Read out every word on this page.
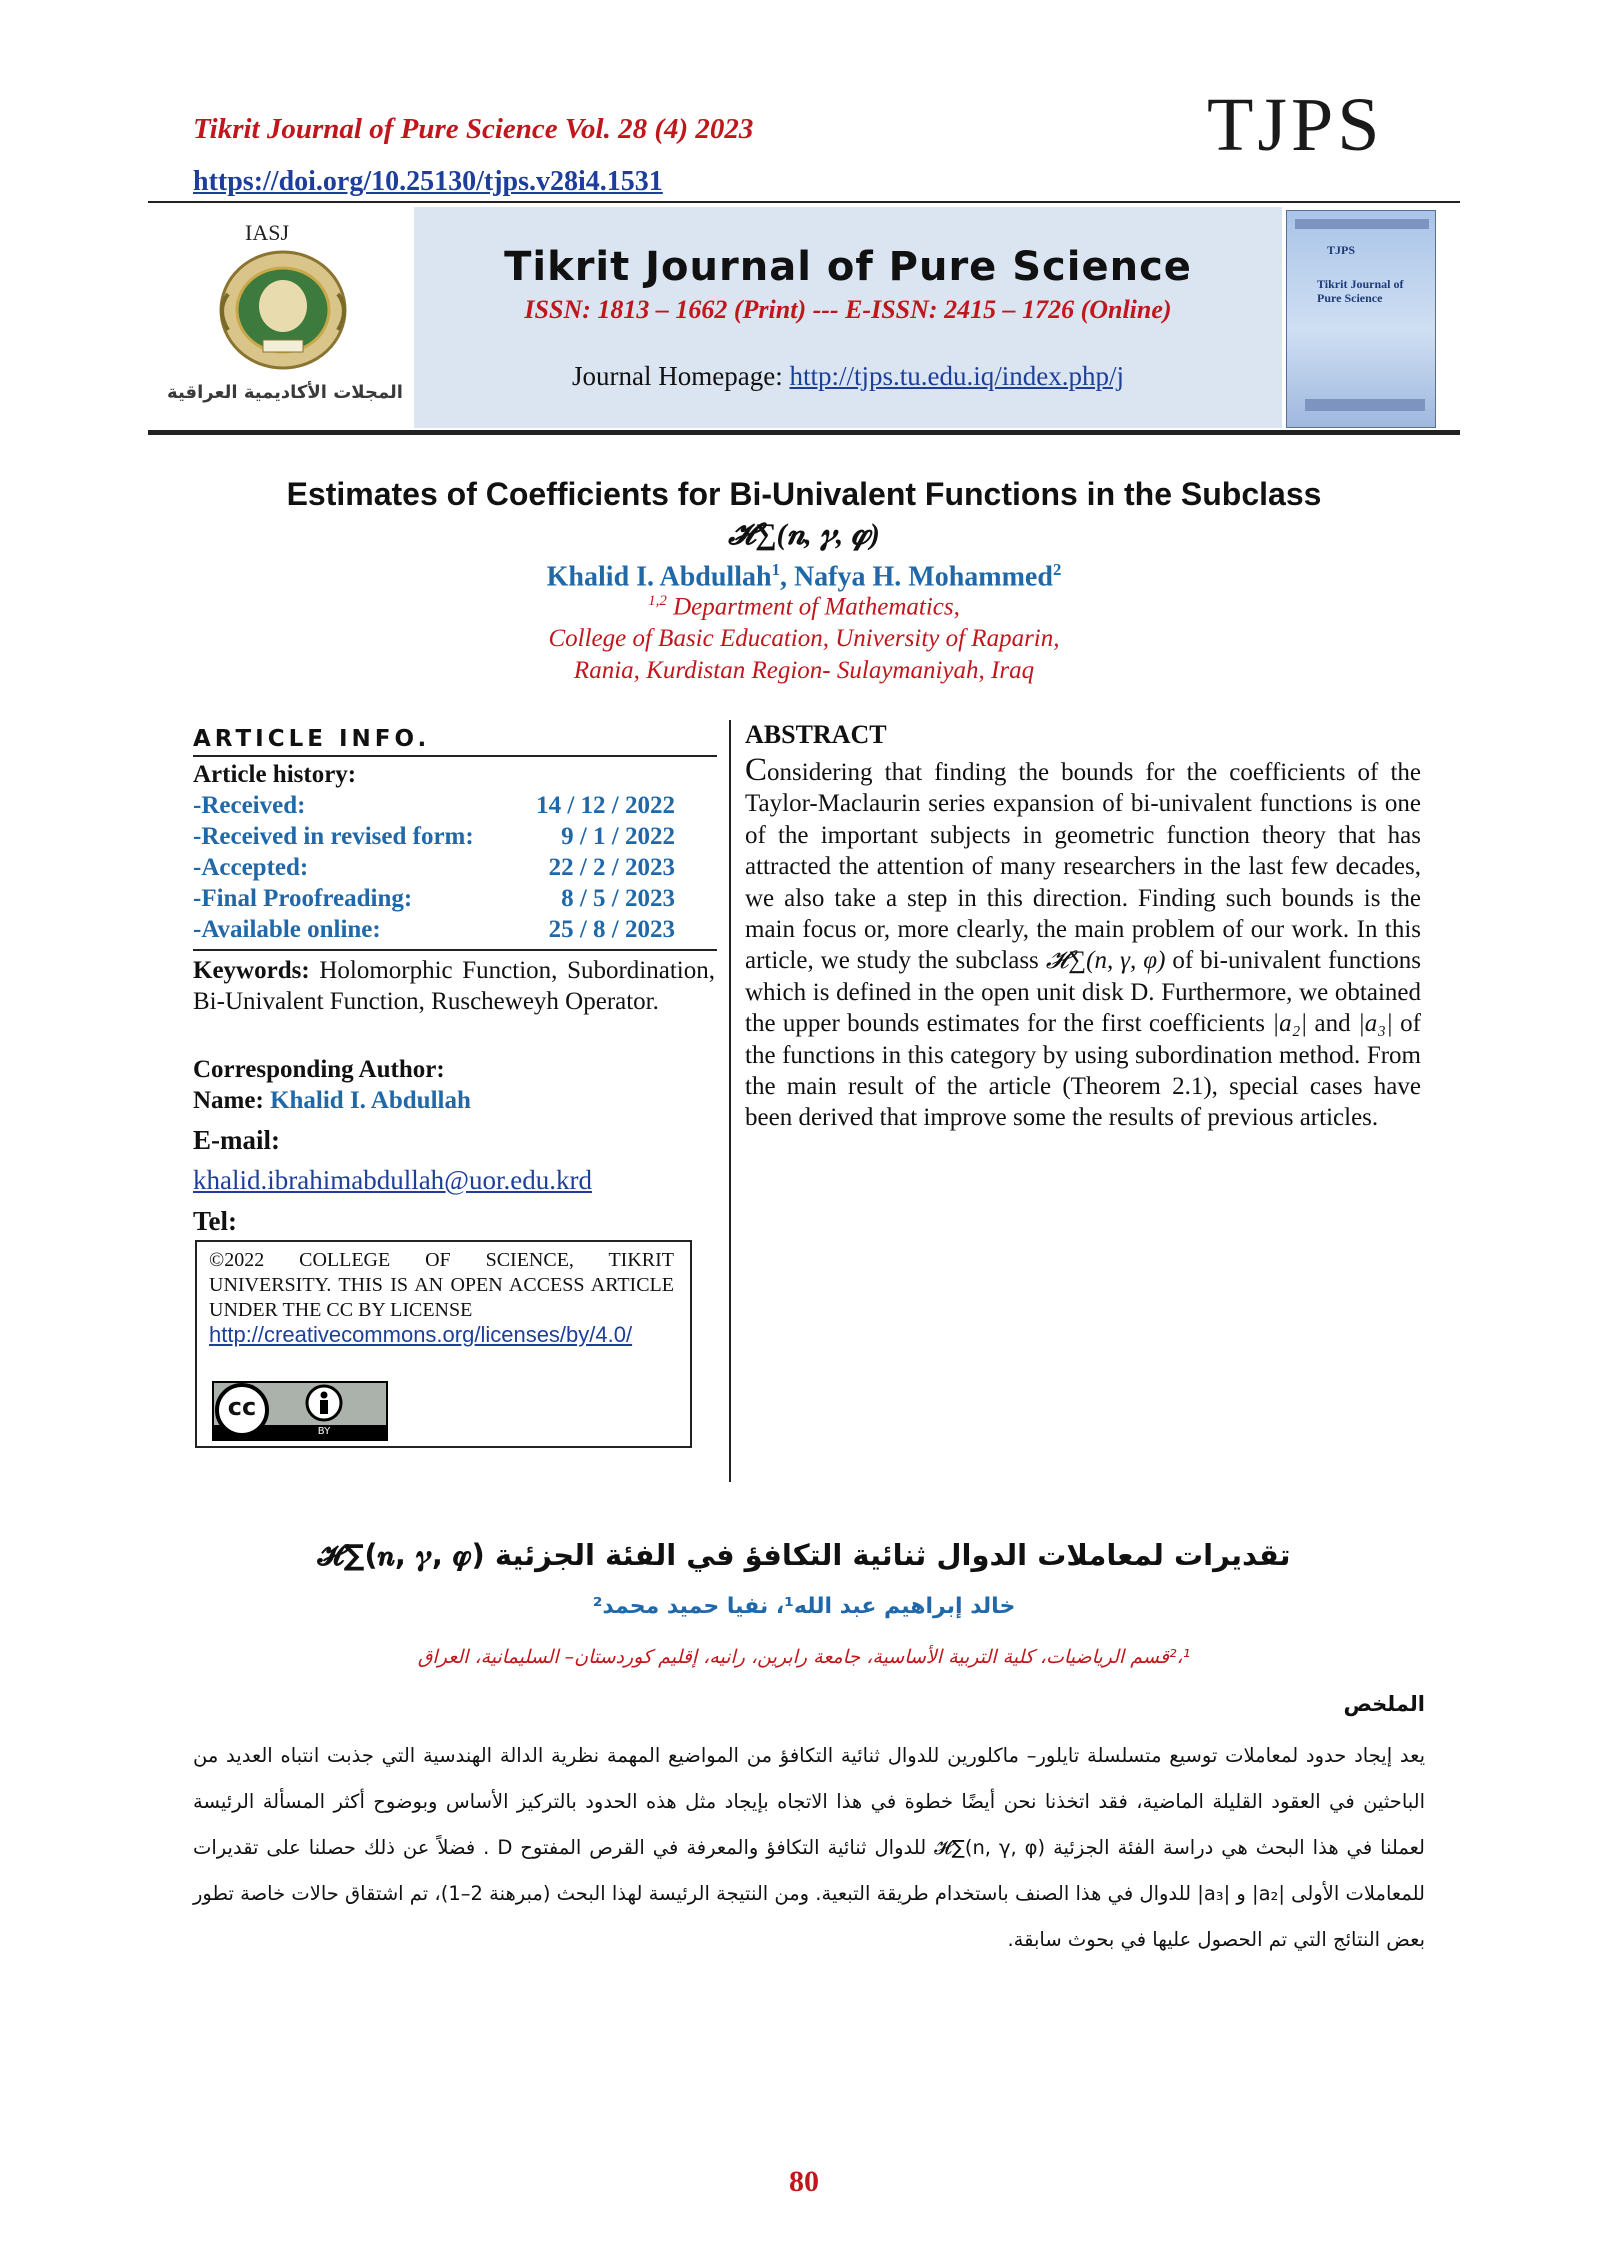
Tikrit Journal of Pure Science Vol. 28 (4) 2023
https://doi.org/10.25130/tjps.v28i4.1531
TJPS
IASJ
المجلات الأكاديمية العراقية
Tikrit Journal of Pure Science
ISSN: 1813 – 1662 (Print) --- E-ISSN: 2415 – 1726 (Online)
Journal Homepage: http://tjps.tu.edu.iq/index.php/j
TJPS
Tikrit Journal of Pure Science
Estimates of Coefficients for Bi-Univalent Functions in the Subclass
𝓗∑(𝒏, 𝜸, 𝝋)
Khalid I. Abdullah$^1$, Nafya H. Mohammed$^2$
$^{1,2}$ Department of Mathematics,
College of Basic Education, University of Raparin,
Rania, Kurdistan Region- Sulaymaniyah, Iraq
ARTICLE INFO.
Article history:
-Received:	14 / 12 / 2022
-Received in revised form:	9 / 1 / 2022
-Accepted:	22 / 2 / 2023
-Final Proofreading:	8 / 5 / 2023
-Available online:	25 / 8 / 2023
Keywords: Holomorphic Function, Subordination, Bi-Univalent Function, Ruscheweyh Operator.
Corresponding Author:
Name: Khalid I. Abdullah
E-mail:
khalid.ibrahimabdullah@uor.edu.krd
Tel:
©2022 COLLEGE OF SCIENCE, TIKRIT UNIVERSITY. THIS IS AN OPEN ACCESS ARTICLE UNDER THE CC BY LICENSE
http://creativecommons.org/licenses/by/4.0/
cc
BY
ABSTRACT
Considering that finding the bounds for the coefficients of the Taylor-Maclaurin series expansion of bi-univalent functions is one of the important subjects in geometric function theory that has attracted the attention of many researchers in the last few decades, we also take a step in this direction. Finding such bounds is the main focus or, more clearly, the main problem of our work. In this article, we study the subclass 𝓗∑(n, γ, φ) of bi-univalent functions which is defined in the open unit disk D. Furthermore, we obtained the upper bounds estimates for the first coefficients |a₂| and |a₃| of the functions in this category by using subordination method. From the main result of the article (Theorem 2.1), special cases have been derived that improve some the results of previous articles.
تقديرات لمعاملات الدوال ثنائية التكافؤ في الفئة الجزئية (𝓗∑(𝒏, 𝜸, 𝝋
خالد إبراهيم عبد الله¹، نفيا حميد محمد²
²،¹قسم الرياضيات، كلية التربية الأساسية، جامعة رابرين، رانيه، إقليم كوردستان– السليمانية، العراق
الملخص
يعد إيجاد حدود لمعاملات توسيع متسلسلة تايلور– ماكلورين للدوال ثنائية التكافؤ من المواضيع المهمة نظرية الدالة الهندسية التي جذبت انتباه العديد من الباحثين في العقود القليلة الماضية، فقد اتخذنا نحن أيضًا خطوة في هذا الاتجاه بإيجاد مثل هذه الحدود بالتركيز الأساس وبوضوح أكثر المسألة الرئيسة لعملنا في هذا البحث هي دراسة الفئة الجزئية 𝓗∑(n, γ, φ) للدوال ثنائية التكافؤ والمعرفة في القرص المفتوح D . فضلاً عن ذلك حصلنا على تقديرات للمعاملات الأولى |a₂| و |a₃| للدوال في هذا الصنف باستخدام طريقة التبعية. ومن النتيجة الرئيسة لهذا البحث (مبرهنة 2–1)، تم اشتقاق حالات خاصة تطور بعض النتائج التي تم الحصول عليها في بحوث سابقة.
80
